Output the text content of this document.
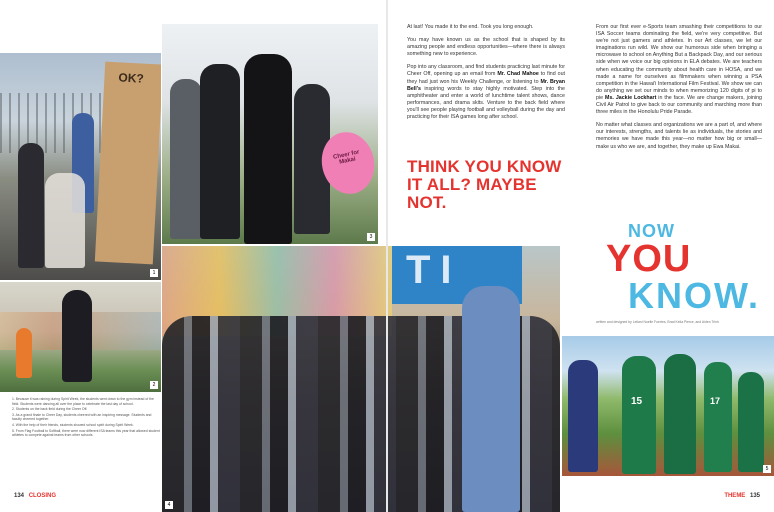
OK?
1
2
Cheer for Makai
3
TI
4

1. Because it was raining during Spirit Week, the students went down to the gym instead of the field. Students were dancing all over the place to celebrate the last day of school.

2. Students on the back field during the Cheer Off.

3. As a grand finale to Cheer Day, students cheered with an inspiring message. Students and faculty cheered together.

4. With the help of their friends, students showed school spirit during Spirit Week.

5. From Flag Football to Softball, there were now different ISA teams this year that allowed student athletes to compete against teams from other schools.

134 CLOSING

At last! You made it to the end. Took you long enough.

You may have known us as the school that is shaped by its amazing people and endless opportunities—where there is always something new to experience.

Pop into any classroom, and find students practicing last minute for Cheer Off, opening up an email from Mr. Chad Mahoe to find out they had just won his Weekly Challenge, or listening to Mr. Bryan Bell's inspiring words to stay highly motivated. Step into the amphitheater and enter a world of lunchtime talent shows, dance performances, and drama skits. Venture to the back field where you'll see people playing football and volleyball during the day and practicing for their ISA games long after school.

THINK YOU KNOW IT ALL? MAYBE NOT.

From our first ever e-Sports team smashing their competitions to our ISA Soccer teams dominating the field, we're very competitive. But we're not just gamers and athletes. In our Art classes, we let our imaginations run wild. We show our humorous side when bringing a microwave to school on Anything But a Backpack Day, and our serious side when we voice our big opinions in ELA debates. We are teachers when educating the community about health care in HOSA, and we made a name for ourselves as filmmakers when winning a PSA competition in the Hawai'i International Film Festival. We show we can do anything we set our minds to when memorizing 120 digits of pi to pie Ms. Jackie Lockhart in the face. We are change makers, joining Civil Air Patrol to give back to our community and marching more than three miles in the Honolulu Pride Parade.

No matter what classes and organizations we are a part of, and where our interests, strengths, and talents lie as individuals, the stories and memories we have made this year—no matter how big or small—make us who we are, and together, they make up Ewa Makai.

NOW
YOU
KNOW.
written and designed by Leilani Noelle Fuertes, Brad Kelia Pierce, and Aiden Trinh
15	17
5
THEME 135
